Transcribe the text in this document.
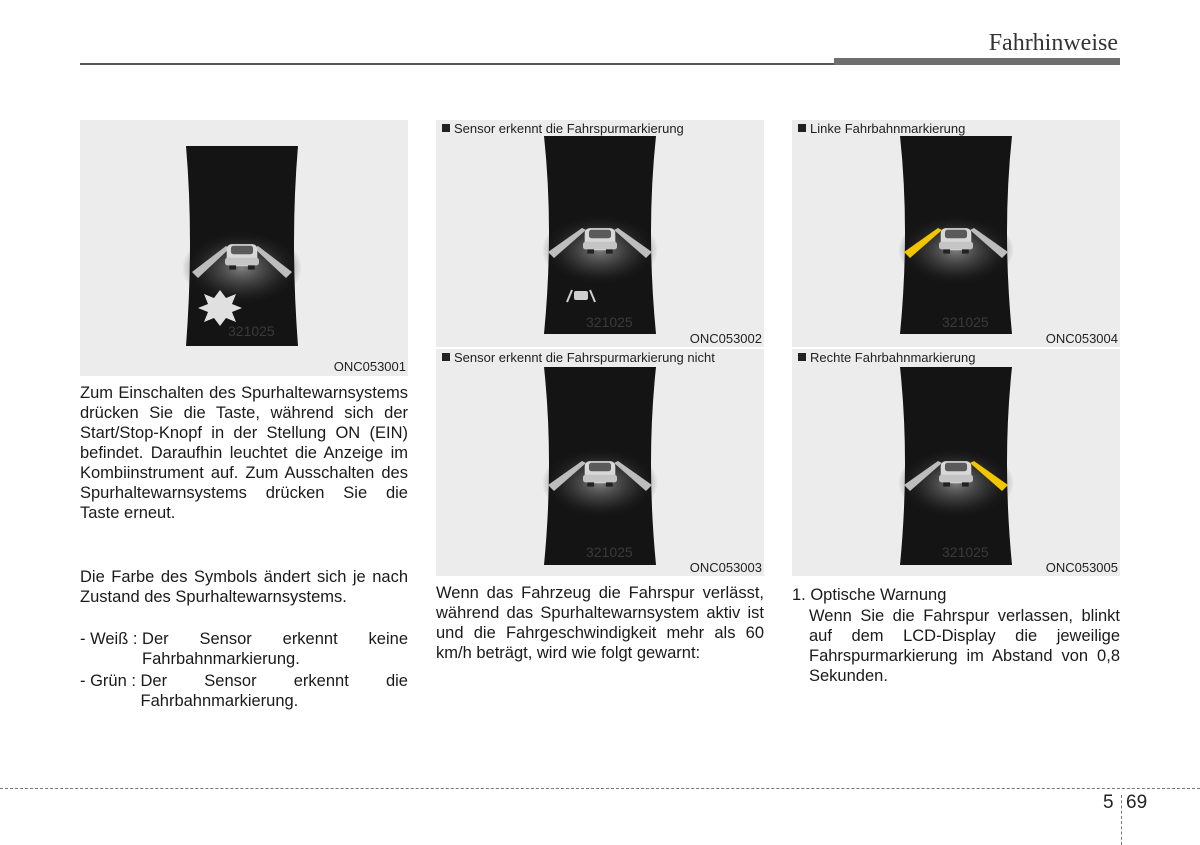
Fahrhinweise
321025
ONC053001
Sensor erkennt die Fahrspurmarkierung
321025
ONC053002
Sensor erkennt die Fahrspurmarkierung nicht
321025
ONC053003
Linke Fahrbahnmarkierung
321025
ONC053004
Rechte Fahrbahnmarkierung
321025
ONC053005
Zum Einschalten des Spurhaltewarnsystems drücken Sie die Taste, während sich der Start/Stop-Knopf in der Stellung ON (EIN) befindet. Daraufhin leuchtet die Anzeige im Kombiinstrument auf. Zum Ausschalten des Spurhaltewarnsystems drücken Sie die Taste erneut.
Die Farbe des Symbols ändert sich je nach Zustand des Spurhaltewarnsystems.
- Weiß : Der Sensor erkennt keine Fahrbahnmarkierung.
- Grün : Der Sensor erkennt die Fahrbahnmarkierung.
Wenn das Fahrzeug die Fahrspur verlässt, während das Spurhaltewarnsystem aktiv ist und die Fahrgeschwindigkeit mehr als 60 km/h beträgt, wird wie folgt gewarnt:
1. Optische Warnung
Wenn Sie die Fahrspur verlassen, blinkt auf dem LCD-Display die jeweilige Fahrspurmarkierung im Abstand von 0,8 Sekunden.
5 69
